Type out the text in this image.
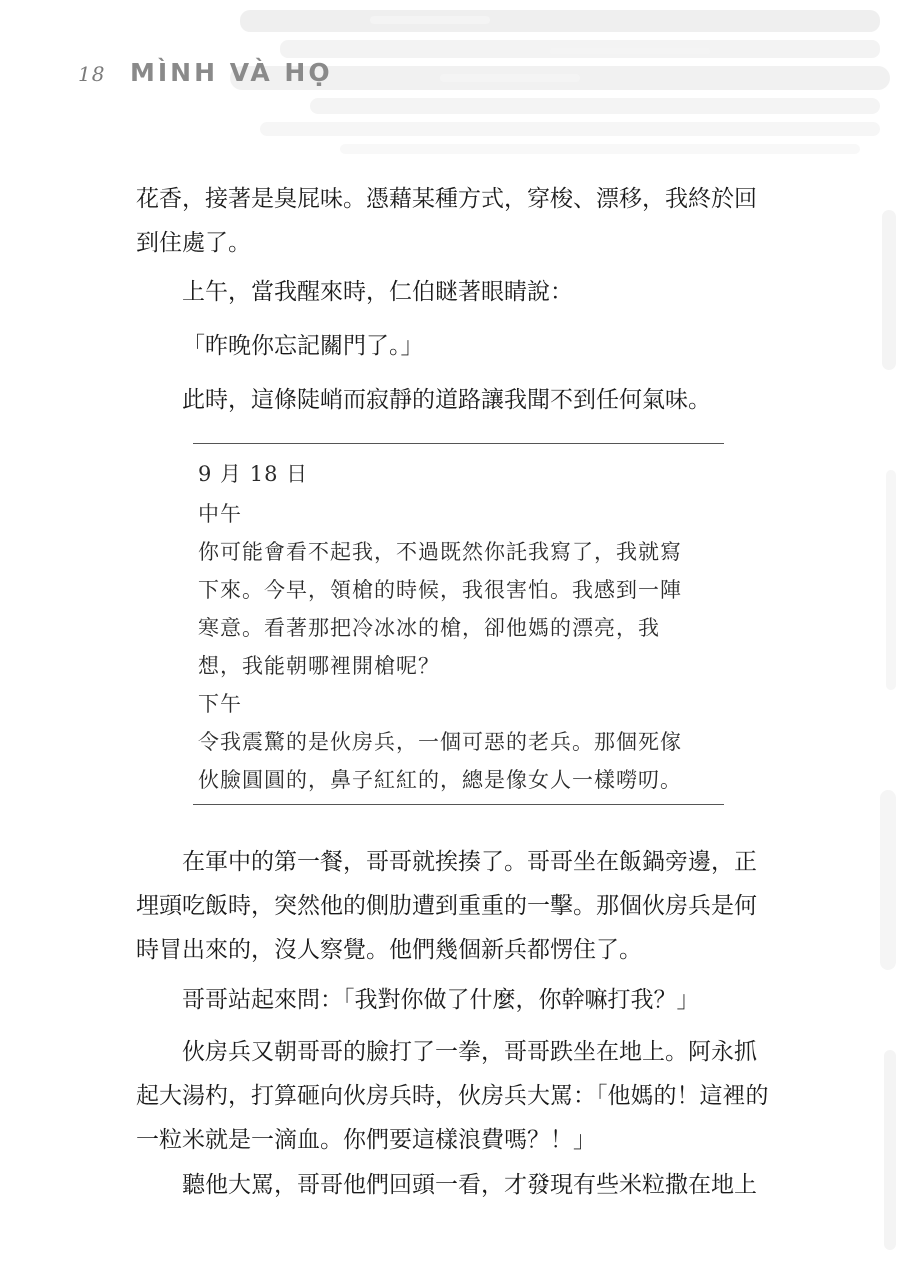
18 MÌNH VÀ HỌ
花香，接著是臭屁味。憑藉某種方式，穿梭、漂移，我終於回
到住處了。
上午，當我醒來時，仁伯瞇著眼睛說：
「昨晚你忘記關門了。」
此時，這條陡峭而寂靜的道路讓我聞不到任何氣味。
9 月 18 日
中午
你可能會看不起我，不過既然你託我寫了，我就寫
下來。今早，領槍的時候，我很害怕。我感到一陣
寒意。看著那把冷冰冰的槍，卻他媽的漂亮，我
想，我能朝哪裡開槍呢？
下午
令我震驚的是伙房兵，一個可惡的老兵。那個死傢
伙臉圓圓的，鼻子紅紅的，總是像女人一樣嘮叨。
在軍中的第一餐，哥哥就挨揍了。哥哥坐在飯鍋旁邊，正
埋頭吃飯時，突然他的側肋遭到重重的一擊。那個伙房兵是何
時冒出來的，沒人察覺。他們幾個新兵都愣住了。
哥哥站起來問：「我對你做了什麼，你幹嘛打我？」
伙房兵又朝哥哥的臉打了一拳，哥哥跌坐在地上。阿永抓
起大湯杓，打算砸向伙房兵時，伙房兵大罵：「他媽的！這裡的
一粒米就是一滴血。你們要這樣浪費嗎？！」
聽他大罵，哥哥他們回頭一看，才發現有些米粒撒在地上
